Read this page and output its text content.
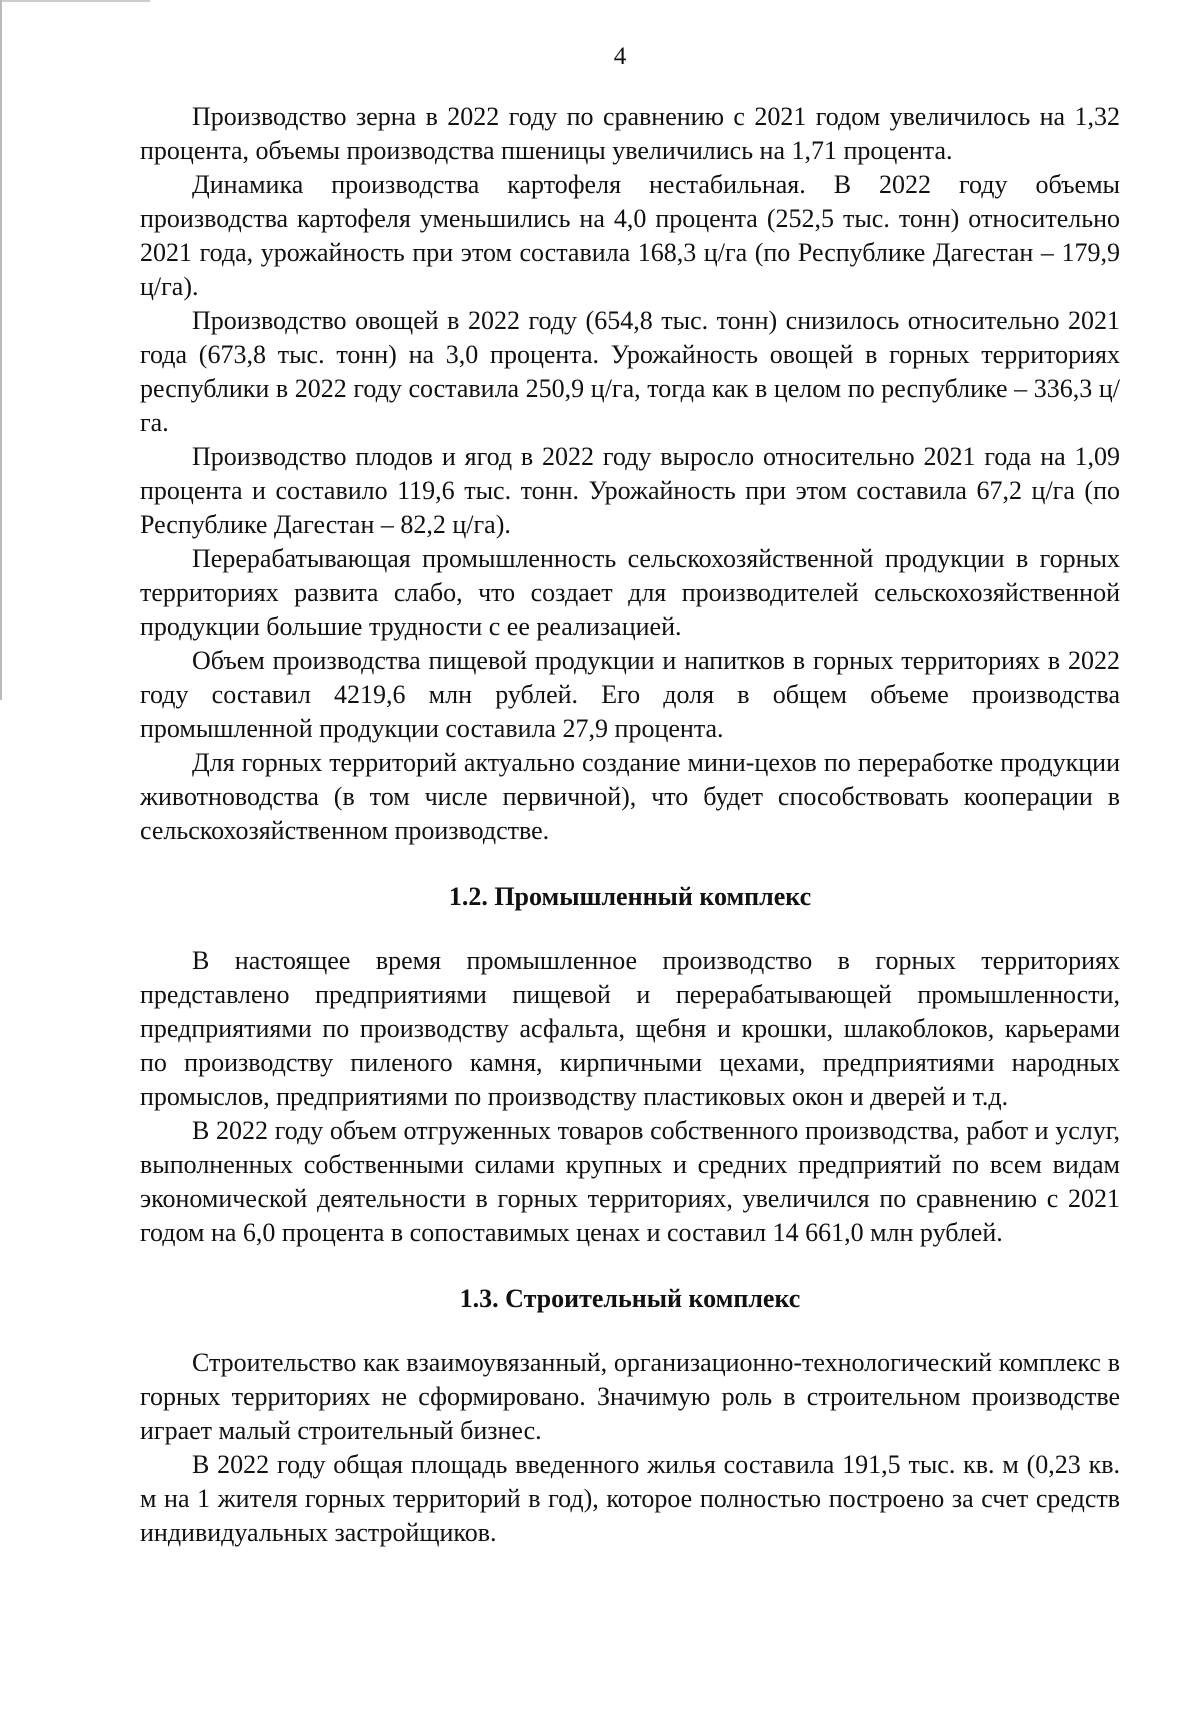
4

Производство зерна в 2022 году по сравнению с 2021 годом увеличилось на 1,32 процента, объемы производства пшеницы увеличились на 1,71 процента.

Динамика производства картофеля нестабильная. В 2022 году объемы производства картофеля уменьшились на 4,0 процента (252,5 тыс. тонн) относительно 2021 года, урожайность при этом составила 168,3 ц/га (по Республике Дагестан – 179,9 ц/га).

Производство овощей в 2022 году (654,8 тыс. тонн) снизилось относительно 2021 года (673,8 тыс. тонн) на 3,0 процента. Урожайность овощей в горных территориях республики в 2022 году составила 250,9 ц/га, тогда как в целом по республике – 336,3 ц/га.

Производство плодов и ягод в 2022 году выросло относительно 2021 года на 1,09 процента и составило 119,6 тыс. тонн. Урожайность при этом составила 67,2 ц/га (по Республике Дагестан – 82,2 ц/га).

Перерабатывающая промышленность сельскохозяйственной продукции в горных территориях развита слабо, что создает для производителей сельскохозяйственной продукции большие трудности с ее реализацией.

Объем производства пищевой продукции и напитков в горных территориях в 2022 году составил 4219,6 млн рублей. Его доля в общем объеме производства промышленной продукции составила 27,9 процента.

Для горных территорий актуально создание мини-цехов по переработке продукции животноводства (в том числе первичной), что будет способствовать кооперации в сельскохозяйственном производстве.

1.2. Промышленный комплекс

В настоящее время промышленное производство в горных территориях представлено предприятиями пищевой и перерабатывающей промышленности, предприятиями по производству асфальта, щебня и крошки, шлакоблоков, карьерами по производству пиленого камня, кирпичными цехами, предприятиями народных промыслов, предприятиями по производству пластиковых окон и дверей и т.д.

В 2022 году объем отгруженных товаров собственного производства, работ и услуг, выполненных собственными силами крупных и средних предприятий по всем видам экономической деятельности в горных территориях, увеличился по сравнению с 2021 годом на 6,0 процента в сопоставимых ценах и составил 14 661,0 млн рублей.

1.3. Строительный комплекс

Строительство как взаимоувязанный, организационно-технологический комплекс в горных территориях не сформировано. Значимую роль в строительном производстве играет малый строительный бизнес.

В 2022 году общая площадь введенного жилья составила 191,5 тыс. кв. м (0,23 кв. м на 1 жителя горных территорий в год), которое полностью построено за счет средств индивидуальных застройщиков.
